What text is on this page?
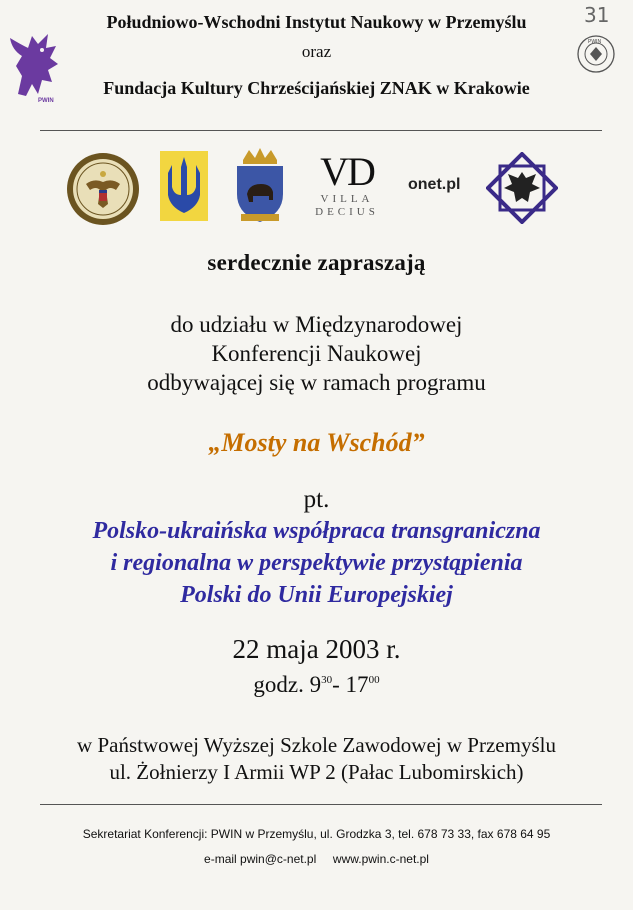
PWIN
Południowo-Wschodni Instytut Naukowy w Przemyślu
oraz
Fundacja Kultury Chrześcijańskiej ZNAK w Krakowie
31
PWIN
VD
VILLA
DECIUS
onet.pl
serdecznie zapraszają
do udziału w Międzynarodowej
Konferencji Naukowej
odbywającej się w ramach programu
„Mosty na Wschód”
pt.
Polsko-ukraińska współpraca transgraniczna
i regionalna w perspektywie przystąpienia
Polski do Unii Europejskiej
22 maja 2003 r.
godz. $9^{30}-$ $17^{00}$
w Państwowej Wyższej Szkole Zawodowej w Przemyślu
ul. Żołnierzy I Armii WP 2 (Pałac Lubomirskich)
Sekretariat Konferencji: PWIN w Przemyślu, ul. Grodzka 3, tel. 678 73 33, fax 678 64 95
e-mail pwin@c-net.pl     www.pwin.c-net.pl
